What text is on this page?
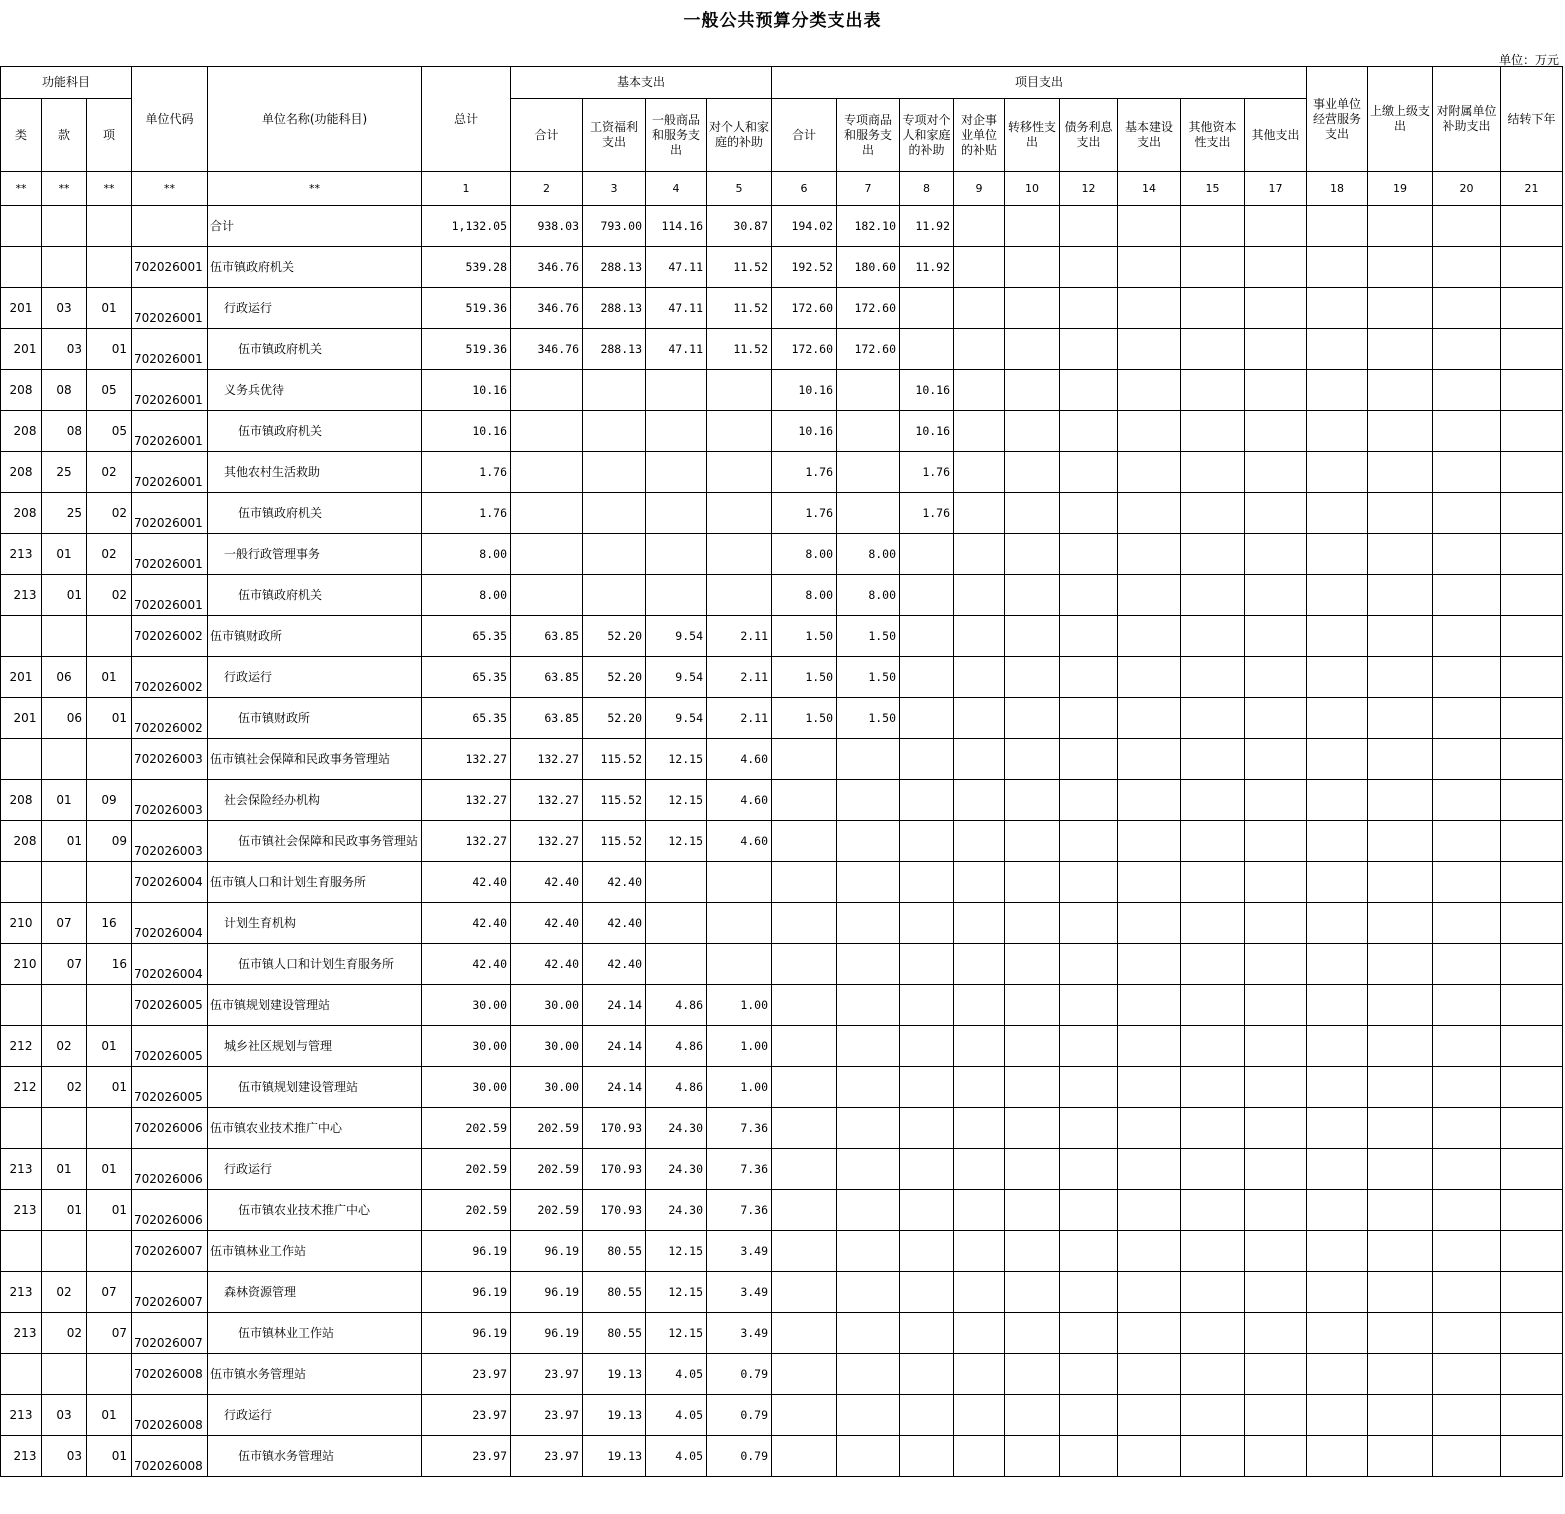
一般公共预算分类支出表
单位：万元
功能科目			单位代码	单位名称(功能科目)	总计	基本支出				项目支出									事业单位经营服务支出	上缴上级支出	对附属单位补助支出	结转下年
类	款	项				合计	工资福利支出	一般商品和服务支出	对个人和家庭的补助	合计	专项商品和服务支出	专项对个人和家庭的补助	对企事业单位的补贴	转移性支出	债务利息支出	基本建设支出	其他资本性支出	其他支出				
**	**	**	**	**	1	2	3	4	5	6	7	8	9	10	12	14	15	17	18	19	20	21
				合计	1,132.05	938.03	793.00	114.16	30.87	194.02	182.10	11.92										
			702026001	伍市镇政府机关	539.28	346.76	288.13	47.11	11.52	192.52	180.60	11.92										
201	03	01	702026001	行政运行	519.36	346.76	288.13	47.11	11.52	172.60	172.60											
201	03	01	702026001	伍市镇政府机关	519.36	346.76	288.13	47.11	11.52	172.60	172.60											
208	08	05	702026001	义务兵优待	10.16					10.16		10.16										
208	08	05	702026001	伍市镇政府机关	10.16					10.16		10.16										
208	25	02	702026001	其他农村生活救助	1.76					1.76		1.76										
208	25	02	702026001	伍市镇政府机关	1.76					1.76		1.76										
213	01	02	702026001	一般行政管理事务	8.00					8.00	8.00											
213	01	02	702026001	伍市镇政府机关	8.00					8.00	8.00											
			702026002	伍市镇财政所	65.35	63.85	52.20	9.54	2.11	1.50	1.50											
201	06	01	702026002	行政运行	65.35	63.85	52.20	9.54	2.11	1.50	1.50											
201	06	01	702026002	伍市镇财政所	65.35	63.85	52.20	9.54	2.11	1.50	1.50											
			702026003	伍市镇社会保障和民政事务管理站	132.27	132.27	115.52	12.15	4.60													
208	01	09	702026003	社会保险经办机构	132.27	132.27	115.52	12.15	4.60													
208	01	09	702026003	伍市镇社会保障和民政事务管理站	132.27	132.27	115.52	12.15	4.60													
			702026004	伍市镇人口和计划生育服务所	42.40	42.40	42.40															
210	07	16	702026004	计划生育机构	42.40	42.40	42.40															
210	07	16	702026004	伍市镇人口和计划生育服务所	42.40	42.40	42.40															
			702026005	伍市镇规划建设管理站	30.00	30.00	24.14	4.86	1.00													
212	02	01	702026005	城乡社区规划与管理	30.00	30.00	24.14	4.86	1.00													
212	02	01	702026005	伍市镇规划建设管理站	30.00	30.00	24.14	4.86	1.00													
			702026006	伍市镇农业技术推广中心	202.59	202.59	170.93	24.30	7.36													
213	01	01	702026006	行政运行	202.59	202.59	170.93	24.30	7.36													
213	01	01	702026006	伍市镇农业技术推广中心	202.59	202.59	170.93	24.30	7.36													
			702026007	伍市镇林业工作站	96.19	96.19	80.55	12.15	3.49													
213	02	07	702026007	森林资源管理	96.19	96.19	80.55	12.15	3.49													
213	02	07	702026007	伍市镇林业工作站	96.19	96.19	80.55	12.15	3.49													
			702026008	伍市镇水务管理站	23.97	23.97	19.13	4.05	0.79													
213	03	01	702026008	行政运行	23.97	23.97	19.13	4.05	0.79													
213	03	01	702026008	伍市镇水务管理站	23.97	23.97	19.13	4.05	0.79													
